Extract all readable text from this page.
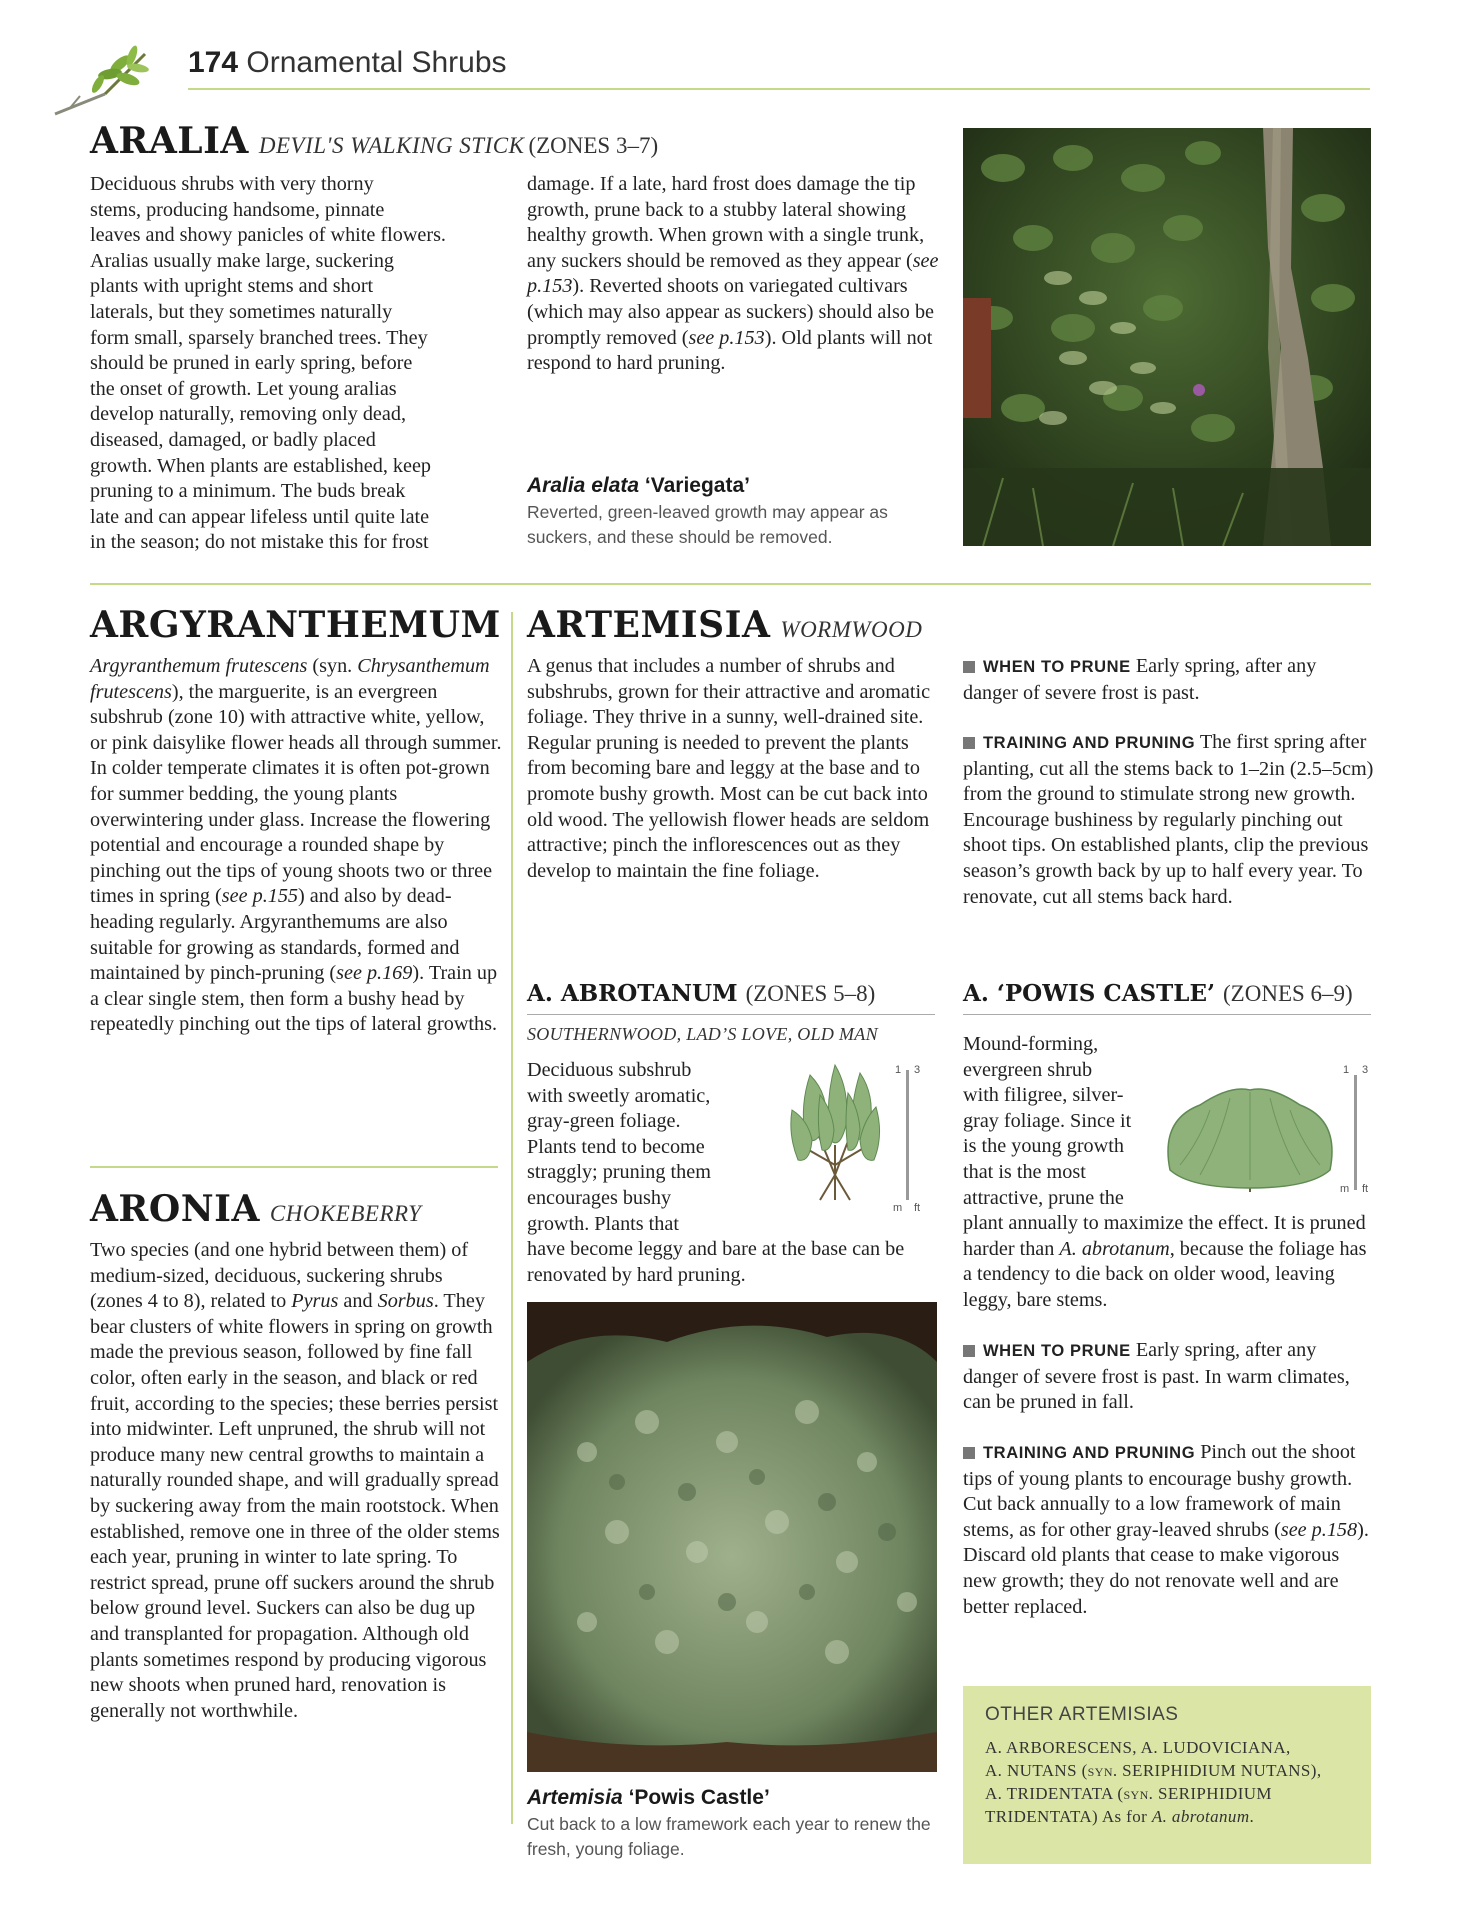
174 Ornamental Shrubs
ARALIA DEVIL'S WALKING STICK (ZONES 3–7)
Deciduous shrubs with very thorny
stems, producing handsome, pinnate
leaves and showy panicles of white flowers.
Aralias usually make large, suckering
plants with upright stems and short
laterals, but they sometimes naturally
form small, sparsely branched trees. They
should be pruned in early spring, before
the onset of growth. Let young aralias
develop naturally, removing only dead,
diseased, damaged, or badly placed
growth. When plants are established, keep
pruning to a minimum. The buds break
late and can appear lifeless until quite late
in the season; do not mistake this for frost

damage. If a late, hard frost does damage the tip growth, prune back to a stubby lateral showing healthy growth. When grown with a single trunk, any suckers should be removed as they appear (see p.153). Reverted shoots on variegated cultivars (which may also appear as suckers) should also be promptly removed (see p.153). Old plants will not respond to hard pruning.

Aralia elata ‘Variegata’
Reverted, green-leaved growth may appear as suckers, and these should be removed.
ARGYRANTHEMUM

Argyranthemum frutescens (syn. Chrysanthemum frutescens), the marguerite, is an evergreen subshrub (zone 10) with attractive white, yellow, or pink daisylike flower heads all through summer. In colder temperate climates it is often pot-grown for summer bedding, the young plants overwintering under glass. Increase the flowering potential and encourage a rounded shape by pinching out the tips of young shoots two or three times in spring (see p.155) and also by dead-heading regularly. Argyranthemums are also suitable for growing as standards, formed and maintained by pinch-pruning (see p.169). Train up a clear single stem, then form a bushy head by repeatedly pinching out the tips of lateral growths.

ARONIA CHOKEBERRY

Two species (and one hybrid between them) of medium-sized, deciduous, suckering shrubs (zones 4 to 8), related to Pyrus and Sorbus. They bear clusters of white flowers in spring on growth made the previous season, followed by fine fall color, often early in the season, and black or red fruit, according to the species; these berries persist into midwinter. Left unpruned, the shrub will not produce many new central growths to maintain a naturally rounded shape, and will gradually spread by suckering away from the main rootstock. When established, remove one in three of the older stems each year, pruning in winter to late spring. To restrict spread, prune off suckers around the shrub below ground level. Suckers can also be dug up and transplanted for propagation. Although old plants sometimes respond by producing vigorous new shoots when pruned hard, renovation is generally not worthwhile.

ARTEMISIA WORMWOOD

A genus that includes a number of shrubs and subshrubs, grown for their attractive and aromatic foliage. They thrive in a sunny, well-drained site. Regular pruning is needed to prevent the plants from becoming bare and leggy at the base and to promote bushy growth. Most can be cut back into old wood. The yellowish flower heads are seldom attractive; pinch the inflorescences out as they develop to maintain the fine foliage.

A. ABROTANUM (ZONES 5–8)
SOUTHERNWOOD, LAD’S LOVE, OLD MAN
Deciduous subshrub
with sweetly aromatic,
gray-green foliage.
Plants tend to become
straggly; pruning them
encourages bushy
growth. Plants that
have become leggy and bare at the base can be renovated by hard pruning.
1 3
m ft
Artemisia ‘Powis Castle’
Cut back to a low framework each year to renew the fresh, young foliage.

WHEN TO PRUNE Early spring, after any danger of severe frost is past.

TRAINING AND PRUNING The first spring after planting, cut all the stems back to 1–2in (2.5–5cm) from the ground to stimulate strong new growth. Encourage bushiness by regularly pinching out shoot tips. On established plants, clip the previous season’s growth back by up to half every year. To renovate, cut all stems back hard.

A. ‘POWIS CASTLE’ (ZONES 6–9)
Mound-forming,
evergreen shrub
with filigree, silver-
gray foliage. Since it
is the young growth
that is the most
attractive, prune the

plant annually to maximize the effect. It is pruned harder than A. abrotanum, because the foliage has a tendency to die back on older wood, leaving leggy, bare stems.

1 3
m ft

WHEN TO PRUNE Early spring, after any danger of severe frost is past. In warm climates, can be pruned in fall.

TRAINING AND PRUNING Pinch out the shoot tips of young plants to encourage bushy growth. Cut back annually to a low framework of main stems, as for other gray-leaved shrubs (see p.158). Discard old plants that cease to make vigorous new growth; they do not renovate well and are better replaced.

OTHER ARTEMISIAS
A. ARBORESCENS, A. LUDOVICIANA,
A. NUTANS (syn. SERIPHIDIUM NUTANS),
A. TRIDENTATA (syn. SERIPHIDIUM
TRIDENTATA) As for A. abrotanum.
